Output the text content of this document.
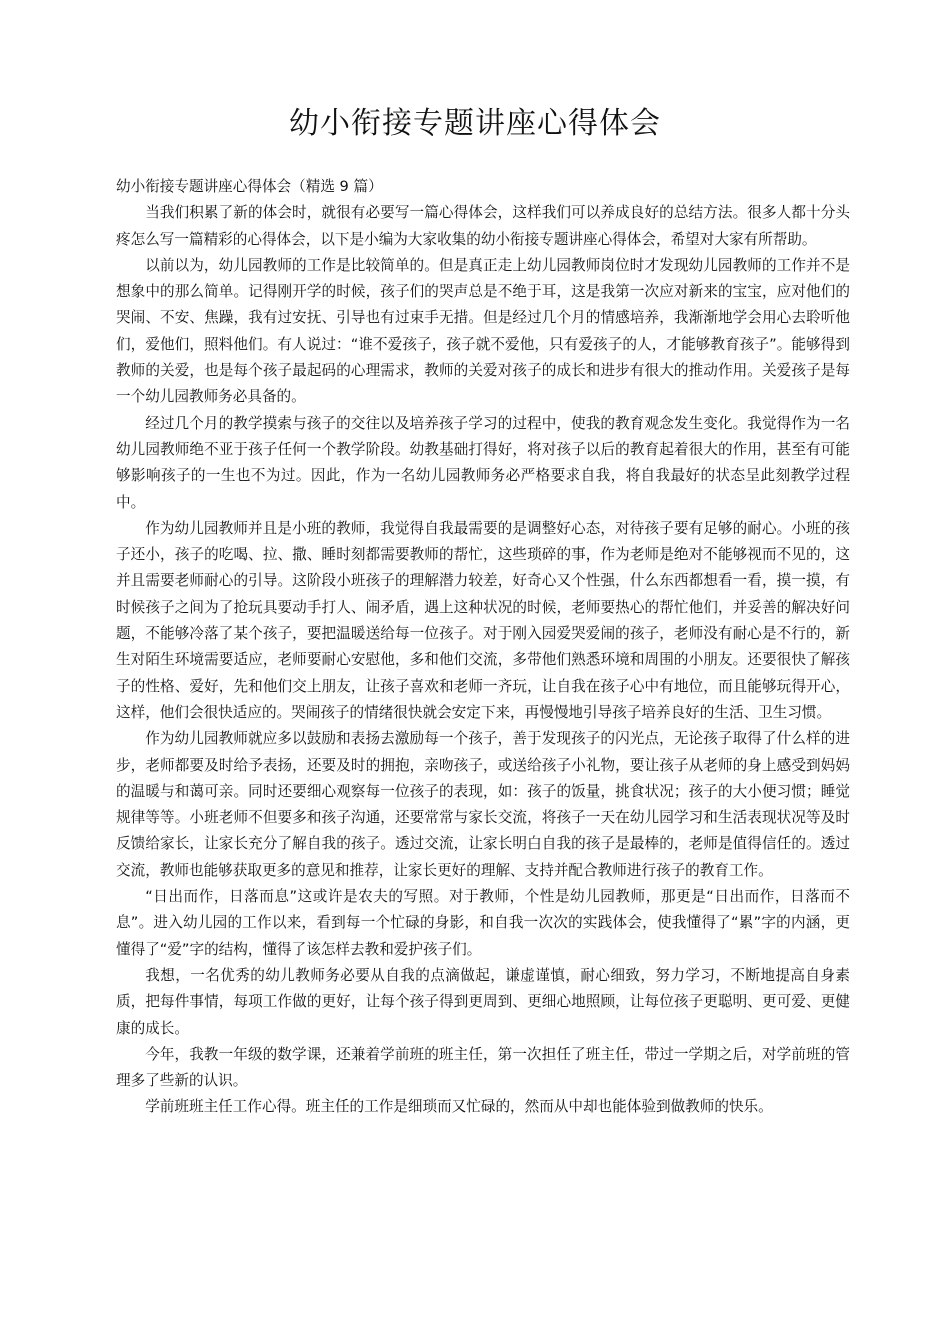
幼小衔接专题讲座心得体会

幼小衔接专题讲座心得体会（精选 9 篇）

当我们积累了新的体会时，就很有必要写一篇心得体会，这样我们可以养成良好的总结方法。很多人都十分头疼怎么写一篇精彩的心得体会，以下是小编为大家收集的幼小衔接专题讲座心得体会，希望对大家有所帮助。

以前以为，幼儿园教师的工作是比较简单的。但是真正走上幼儿园教师岗位时才发现幼儿园教师的工作并不是想象中的那么简单。记得刚开学的时候，孩子们的哭声总是不绝于耳，这是我第一次应对新来的宝宝，应对他们的哭闹、不安、焦躁，我有过安抚、引导也有过束手无措。但是经过几个月的情感培养，我渐渐地学会用心去聆听他们，爱他们，照料他们。有人说过：“谁不爱孩子，孩子就不爱他，只有爱孩子的人，才能够教育孩子”。能够得到教师的关爱，也是每个孩子最起码的心理需求，教师的关爱对孩子的成长和进步有很大的推动作用。关爱孩子是每一个幼儿园教师务必具备的。

经过几个月的教学摸索与孩子的交往以及培养孩子学习的过程中，使我的教育观念发生变化。我觉得作为一名幼儿园教师绝不亚于孩子任何一个教学阶段。幼教基础打得好，将对孩子以后的教育起着很大的作用，甚至有可能够影响孩子的一生也不为过。因此，作为一名幼儿园教师务必严格要求自我，将自我最好的状态呈此刻教学过程中。

作为幼儿园教师并且是小班的教师，我觉得自我最需要的是调整好心态，对待孩子要有足够的耐心。小班的孩子还小，孩子的吃喝、拉、撒、睡时刻都需要教师的帮忙，这些琐碎的事，作为老师是绝对不能够视而不见的，这并且需要老师耐心的引导。这阶段小班孩子的理解潜力较差，好奇心又个性强，什么东西都想看一看，摸一摸，有时候孩子之间为了抢玩具要动手打人、闹矛盾，遇上这种状况的时候，老师要热心的帮忙他们，并妥善的解决好问题，不能够冷落了某个孩子，要把温暖送给每一位孩子。对于刚入园爱哭爱闹的孩子，老师没有耐心是不行的，新生对陌生环境需要适应，老师要耐心安慰他，多和他们交流，多带他们熟悉环境和周围的小朋友。还要很快了解孩子的性格、爱好，先和他们交上朋友，让孩子喜欢和老师一齐玩，让自我在孩子心中有地位，而且能够玩得开心，这样，他们会很快适应的。哭闹孩子的情绪很快就会安定下来，再慢慢地引导孩子培养良好的生活、卫生习惯。

作为幼儿园教师就应多以鼓励和表扬去激励每一个孩子，善于发现孩子的闪光点，无论孩子取得了什么样的进步，老师都要及时给予表扬，还要及时的拥抱，亲吻孩子，或送给孩子小礼物，要让孩子从老师的身上感受到妈妈的温暖与和蔼可亲。同时还要细心观察每一位孩子的表现，如：孩子的饭量，挑食状况；孩子的大小便习惯；睡觉规律等等。小班老师不但要多和孩子沟通，还要常常与家长交流，将孩子一天在幼儿园学习和生活表现状况等及时反馈给家长，让家长充分了解自我的孩子。透过交流，让家长明白自我的孩子是最棒的，老师是值得信任的。透过交流，教师也能够获取更多的意见和推荐，让家长更好的理解、支持并配合教师进行孩子的教育工作。

“日出而作，日落而息”这或许是农夫的写照。对于教师，个性是幼儿园教师，那更是“日出而作，日落而不息”。进入幼儿园的工作以来，看到每一个忙碌的身影，和自我一次次的实践体会，使我懂得了“累”字的内涵，更懂得了“爱”字的结构，懂得了该怎样去教和爱护孩子们。

我想，一名优秀的幼儿教师务必要从自我的点滴做起，谦虚谨慎，耐心细致，努力学习，不断地提高自身素质，把每件事情，每项工作做的更好，让每个孩子得到更周到、更细心地照顾，让每位孩子更聪明、更可爱、更健康的成长。

今年，我教一年级的数学课，还兼着学前班的班主任，第一次担任了班主任，带过一学期之后，对学前班的管理多了些新的认识。

学前班班主任工作心得。班主任的工作是细琐而又忙碌的，然而从中却也能体验到做教师的快乐。
